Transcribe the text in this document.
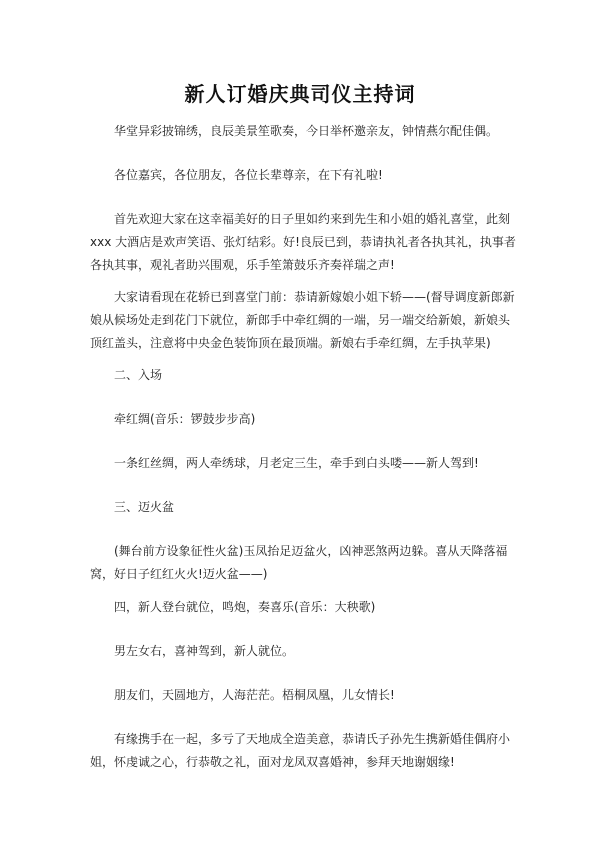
新人订婚庆典司仪主持词

华堂异彩披锦绣，良辰美景笙歌奏，今日举杯邀亲友，钟情燕尔配佳偶。

各位嘉宾，各位朋友，各位长辈尊亲，在下有礼啦!

首先欢迎大家在这幸福美好的日子里如约来到先生和小姐的婚礼喜堂，此刻 xxx 大酒店是欢声笑语、张灯结彩。好!良辰已到，恭请执礼者各执其礼，执事者各执其事，观礼者助兴围观，乐手笙箫鼓乐齐奏祥瑞之声!

大家请看现在花轿已到喜堂门前：恭请新嫁娘小姐下轿——(督导调度新郎新娘从候场处走到花门下就位，新郎手中牵红绸的一端，另一端交给新娘，新娘头顶红盖头，注意将中央金色装饰顶在最顶端。新娘右手牵红绸，左手执苹果)

二、入场

牵红绸(音乐：锣鼓步步高)

一条红丝绸，两人牵绣球，月老定三生，牵手到白头喽——新人驾到!

三、迈火盆

(舞台前方设象征性火盆)玉凤抬足迈盆火，凶神恶煞两边躲。喜从天降落福窝，好日子红红火火!迈火盆——)

四，新人登台就位，鸣炮，奏喜乐(音乐：大秧歌)

男左女右，喜神驾到，新人就位。

朋友们，天圆地方，人海茫茫。梧桐凤凰，儿女情长!

有缘携手在一起，多亏了天地成全造美意，恭请氏子孙先生携新婚佳偶府小姐，怀虔诚之心，行恭敬之礼，面对龙凤双喜婚神，参拜天地谢姻缘!
